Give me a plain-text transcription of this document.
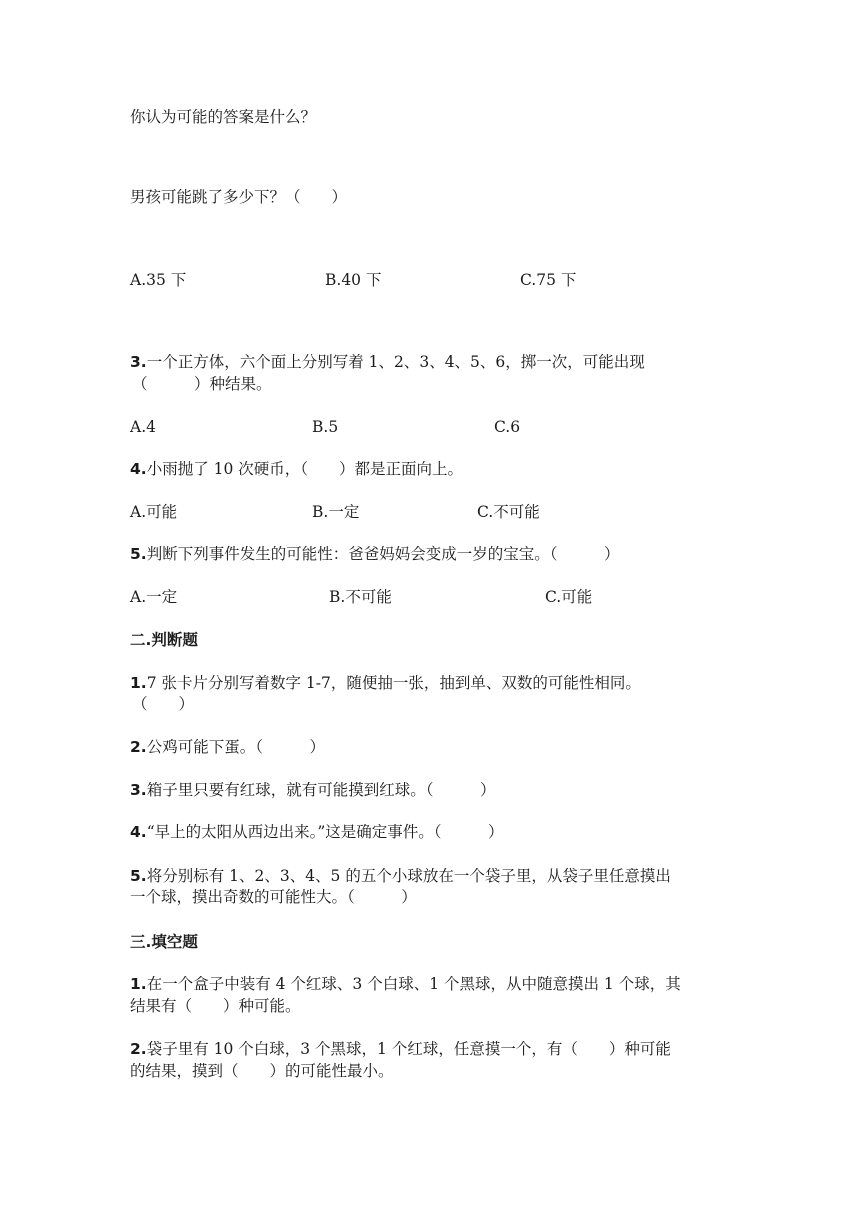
你认为可能的答案是什么？
男孩可能跳了多少下？（　　）
A.35 下	B.40 下	C.75 下
3.一个正方体，六个面上分别写着 1、2、3、4、5、6，掷一次，可能出现
（　　　）种结果。
A.4	B.5	C.6
4.小雨抛了 10 次硬币，（　　）都是正面向上。
A.可能	B.一定	C.不可能
5.判断下列事件发生的可能性：爸爸妈妈会变成一岁的宝宝。（　　　）
A.一定	B.不可能	C.可能
二.判断题
1.7 张卡片分别写着数字 1-7，随便抽一张，抽到单、双数的可能性相同。
（　　）
2.公鸡可能下蛋。（　　　）
3.箱子里只要有红球，就有可能摸到红球。（　　　）
4.“早上的太阳从西边出来。”这是确定事件。（　　　）
5.将分别标有 1、2、3、4、5 的五个小球放在一个袋子里，从袋子里任意摸出
一个球，摸出奇数的可能性大。（　　　）
三.填空题
1.在一个盒子中装有 4 个红球、3 个白球、1 个黑球，从中随意摸出 1 个球，其
结果有（　　）种可能。
2.袋子里有 10 个白球，3 个黑球，1 个红球，任意摸一个，有（　　）种可能
的结果，摸到（　　）的可能性最小。
